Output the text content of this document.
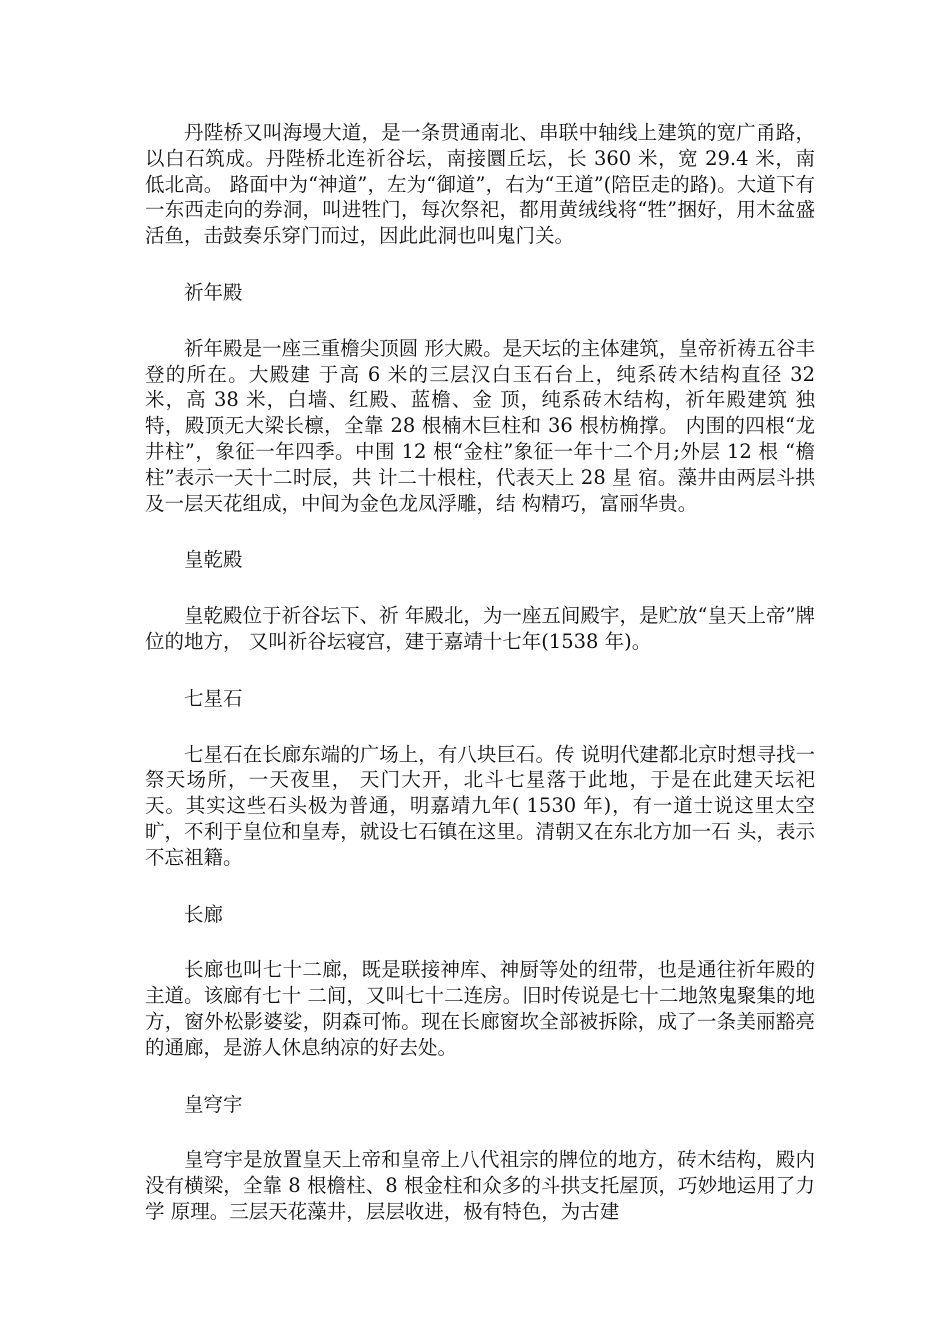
丹陛桥又叫海墁大道，是一条贯通南北、串联中轴线上建筑的宽广甬路，以白石筑成。丹陛桥北连祈谷坛，南接圜丘坛，长 360 米，宽 29.4 米，南低北高。 路面中为“神道”，左为“御道”，右为“王道”(陪臣走的路)。大道下有一东西走向的券洞，叫进牲门，每次祭祀，都用黄绒线将“牲”捆好，用木盆盛活鱼，击鼓奏乐穿门而过，因此此洞也叫鬼门关。

祈年殿

祈年殿是一座三重檐尖顶圆 形大殿。是天坛的主体建筑，皇帝祈祷五谷丰登的所在。大殿建 于高 6 米的三层汉白玉石台上，纯系砖木结构直径 32 米，高 38 米，白墙、红殿、蓝檐、金 顶，纯系砖木结构，祈年殿建筑 独特，殿顶无大梁长檩，全靠 28 根楠木巨柱和 36 根枋桷撑。 内围的四根“龙井柱”，象征一年四季。中围 12 根“金柱”象征一年十二个月;外层 12 根 “檐柱”表示一天十二时辰，共 计二十根柱，代表天上 28 星 宿。藻井由两层斗拱及一层天花组成，中间为金色龙凤浮雕，结 构精巧，富丽华贵。

皇乾殿

皇乾殿位于祈谷坛下、祈 年殿北，为一座五间殿宇，是贮放“皇天上帝”牌位的地方， 又叫祈谷坛寝宫，建于嘉靖十七年(1538 年)。

七星石

七星石在长廊东端的广场上，有八块巨石。传 说明代建都北京时想寻找一祭天场所，一天夜里， 天门大开，北斗七星落于此地，于是在此建天坛祀 天。其实这些石头极为普通，明嘉靖九年( 1530 年)，有一道士说这里太空旷，不利于皇位和皇寿，就设七石镇在这里。清朝又在东北方加一石 头，表示不忘祖籍。

长廊

长廊也叫七十二廊，既是联接神库、神厨等处的纽带，也是通往祈年殿的主道。该廊有七十 二间，又叫七十二连房。旧时传说是七十二地煞鬼聚集的地方，窗外松影婆娑，阴森可怖。现在长廊窗坎全部被拆除，成了一条美丽豁亮的通廊，是游人休息纳凉的好去处。

皇穹宇

皇穹宇是放置皇天上帝和皇帝上八代祖宗的牌位的地方，砖木结构，殿内没有横梁，全靠 8 根檐柱、8 根金柱和众多的斗拱支托屋顶，巧妙地运用了力学 原理。三层天花藻井，层层收进，极有特色，为古建
